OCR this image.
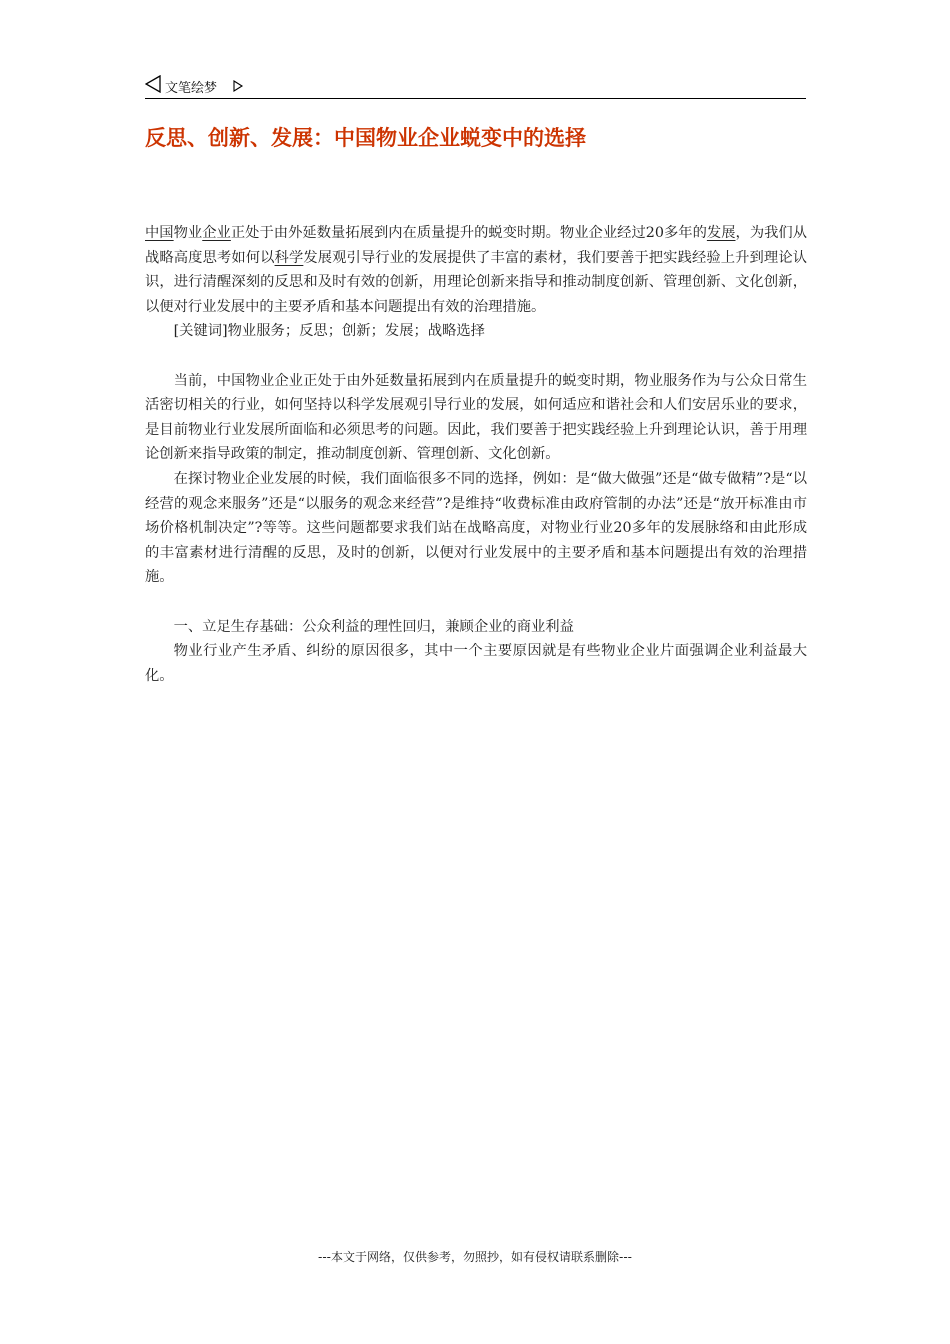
文笔绘梦
反思、创新、发展：中国物业企业蜕变中的选择

中国物业企业正处于由外延数量拓展到内在质量提升的蜕变时期。物业企业经过20多年的发展，为我们从战略高度思考如何以科学发展观引导行业的发展提供了丰富的素材，我们要善于把实践经验上升到理论认识，进行清醒深刻的反思和及时有效的创新，用理论创新来指导和推动制度创新、管理创新、文化创新，以便对行业发展中的主要矛盾和基本问题提出有效的治理措施。

[关键词]物业服务；反思；创新；发展；战略选择

当前，中国物业企业正处于由外延数量拓展到内在质量提升的蜕变时期，物业服务作为与公众日常生活密切相关的行业，如何坚持以科学发展观引导行业的发展，如何适应和谐社会和人们安居乐业的要求，是目前物业行业发展所面临和必须思考的问题。因此，我们要善于把实践经验上升到理论认识，善于用理论创新来指导政策的制定，推动制度创新、管理创新、文化创新。

在探讨物业企业发展的时候，我们面临很多不同的选择，例如：是“做大做强”还是“做专做精”?是“以经营的观念来服务”还是“以服务的观念来经营”?是维持“收费标准由政府管制的办法”还是“放开标准由市场价格机制决定”?等等。这些问题都要求我们站在战略高度，对物业行业20多年的发展脉络和由此形成的丰富素材进行清醒的反思，及时的创新，以便对行业发展中的主要矛盾和基本问题提出有效的治理措施。

一、立足生存基础：公众利益的理性回归，兼顾企业的商业利益

物业行业产生矛盾、纠纷的原因很多，其中一个主要原因就是有些物业企业片面强调企业利益最大化。

---本文于网络，仅供参考，勿照抄，如有侵权请联系删除---
